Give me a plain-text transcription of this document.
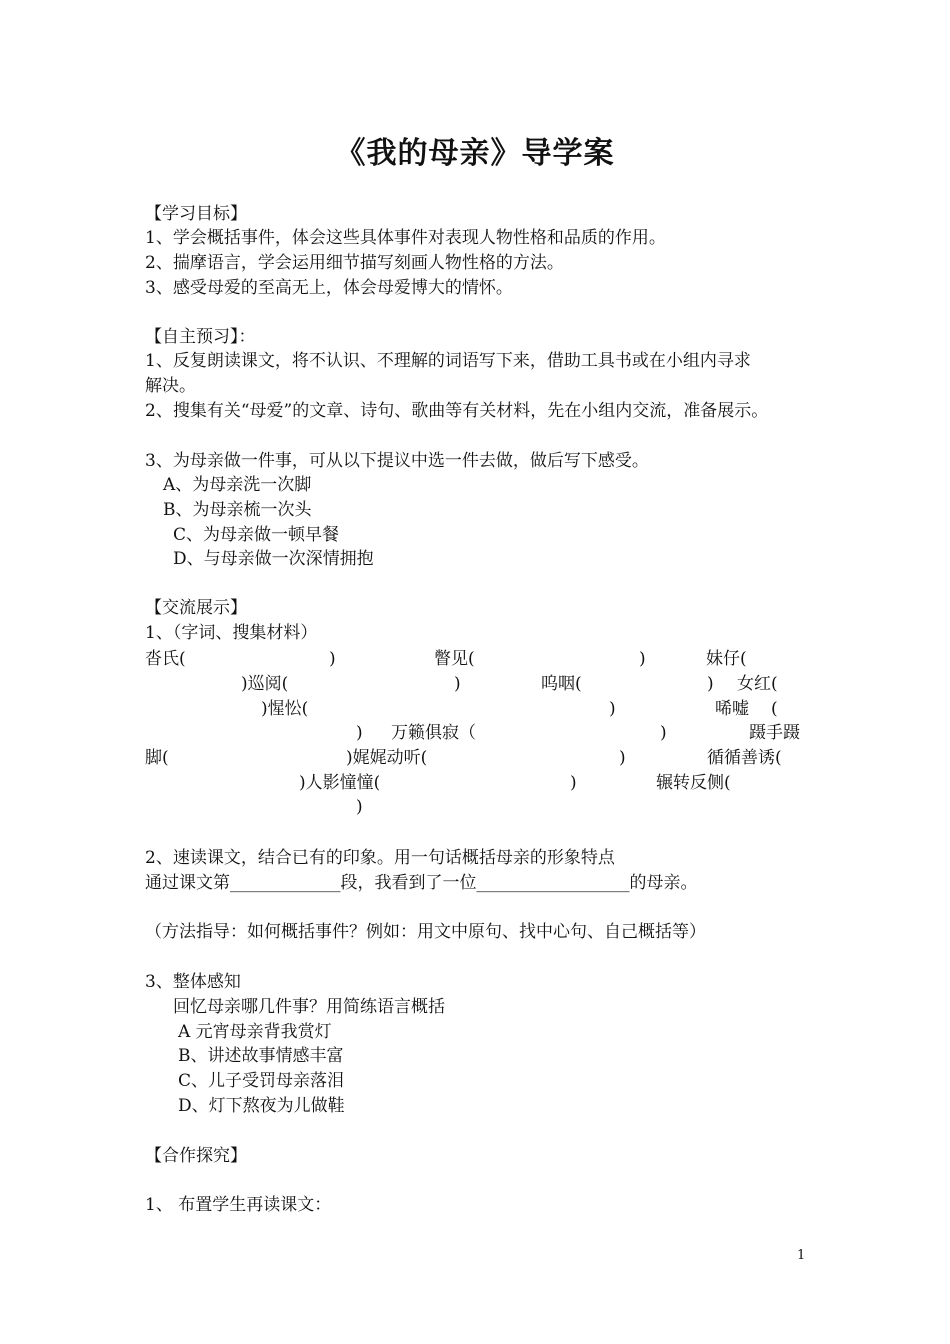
《我的母亲》导学案
【学习目标】
1、学会概括事件，体会这些具体事件对表现人物性格和品质的作用。
2、揣摩语言，学会运用细节描写刻画人物性格的方法。
3、感受母爱的至高无上，体会母爱博大的情怀。
【自主预习】：
1、反复朗读课文，将不认识、不理解的词语写下来，借助工具书或在小组内寻求
解决。
2、搜集有关“母爱”的文章、诗句、歌曲等有关材料，先在小组内交流，准备展示。
3、为母亲做一件事，可从以下提议中选一件去做，做后写下感受。
A、为母亲洗一次脚
B、为母亲梳一次头
C、为母亲做一顿早餐
D、与母亲做一次深情拥抱
【交流展示】
1、（字词、搜集材料）
沓氏(	)	瞥见(	)	妹仔(
)巡阅(	)	呜咽(	) 女红(
)惺忪(	)	唏嘘 (
) 万籁俱寂（	)	蹑手蹑
脚(	)娓娓动听(	)	循循善诱(
)人影憧憧(	)	辗转反侧(
)
2、速读课文，结合已有的印象。用一句话概括母亲的形象特点
通过课文第_____________段，我看到了一位__________________的母亲。
（方法指导：如何概括事件？例如：用文中原句、找中心句、自己概括等）
3、整体感知
回忆母亲哪几件事？用简练语言概括
A 元宵母亲背我赏灯
B、讲述故事情感丰富
C、儿子受罚母亲落泪
D、灯下熬夜为儿做鞋
【合作探究】
1、 布置学生再读课文：
1
